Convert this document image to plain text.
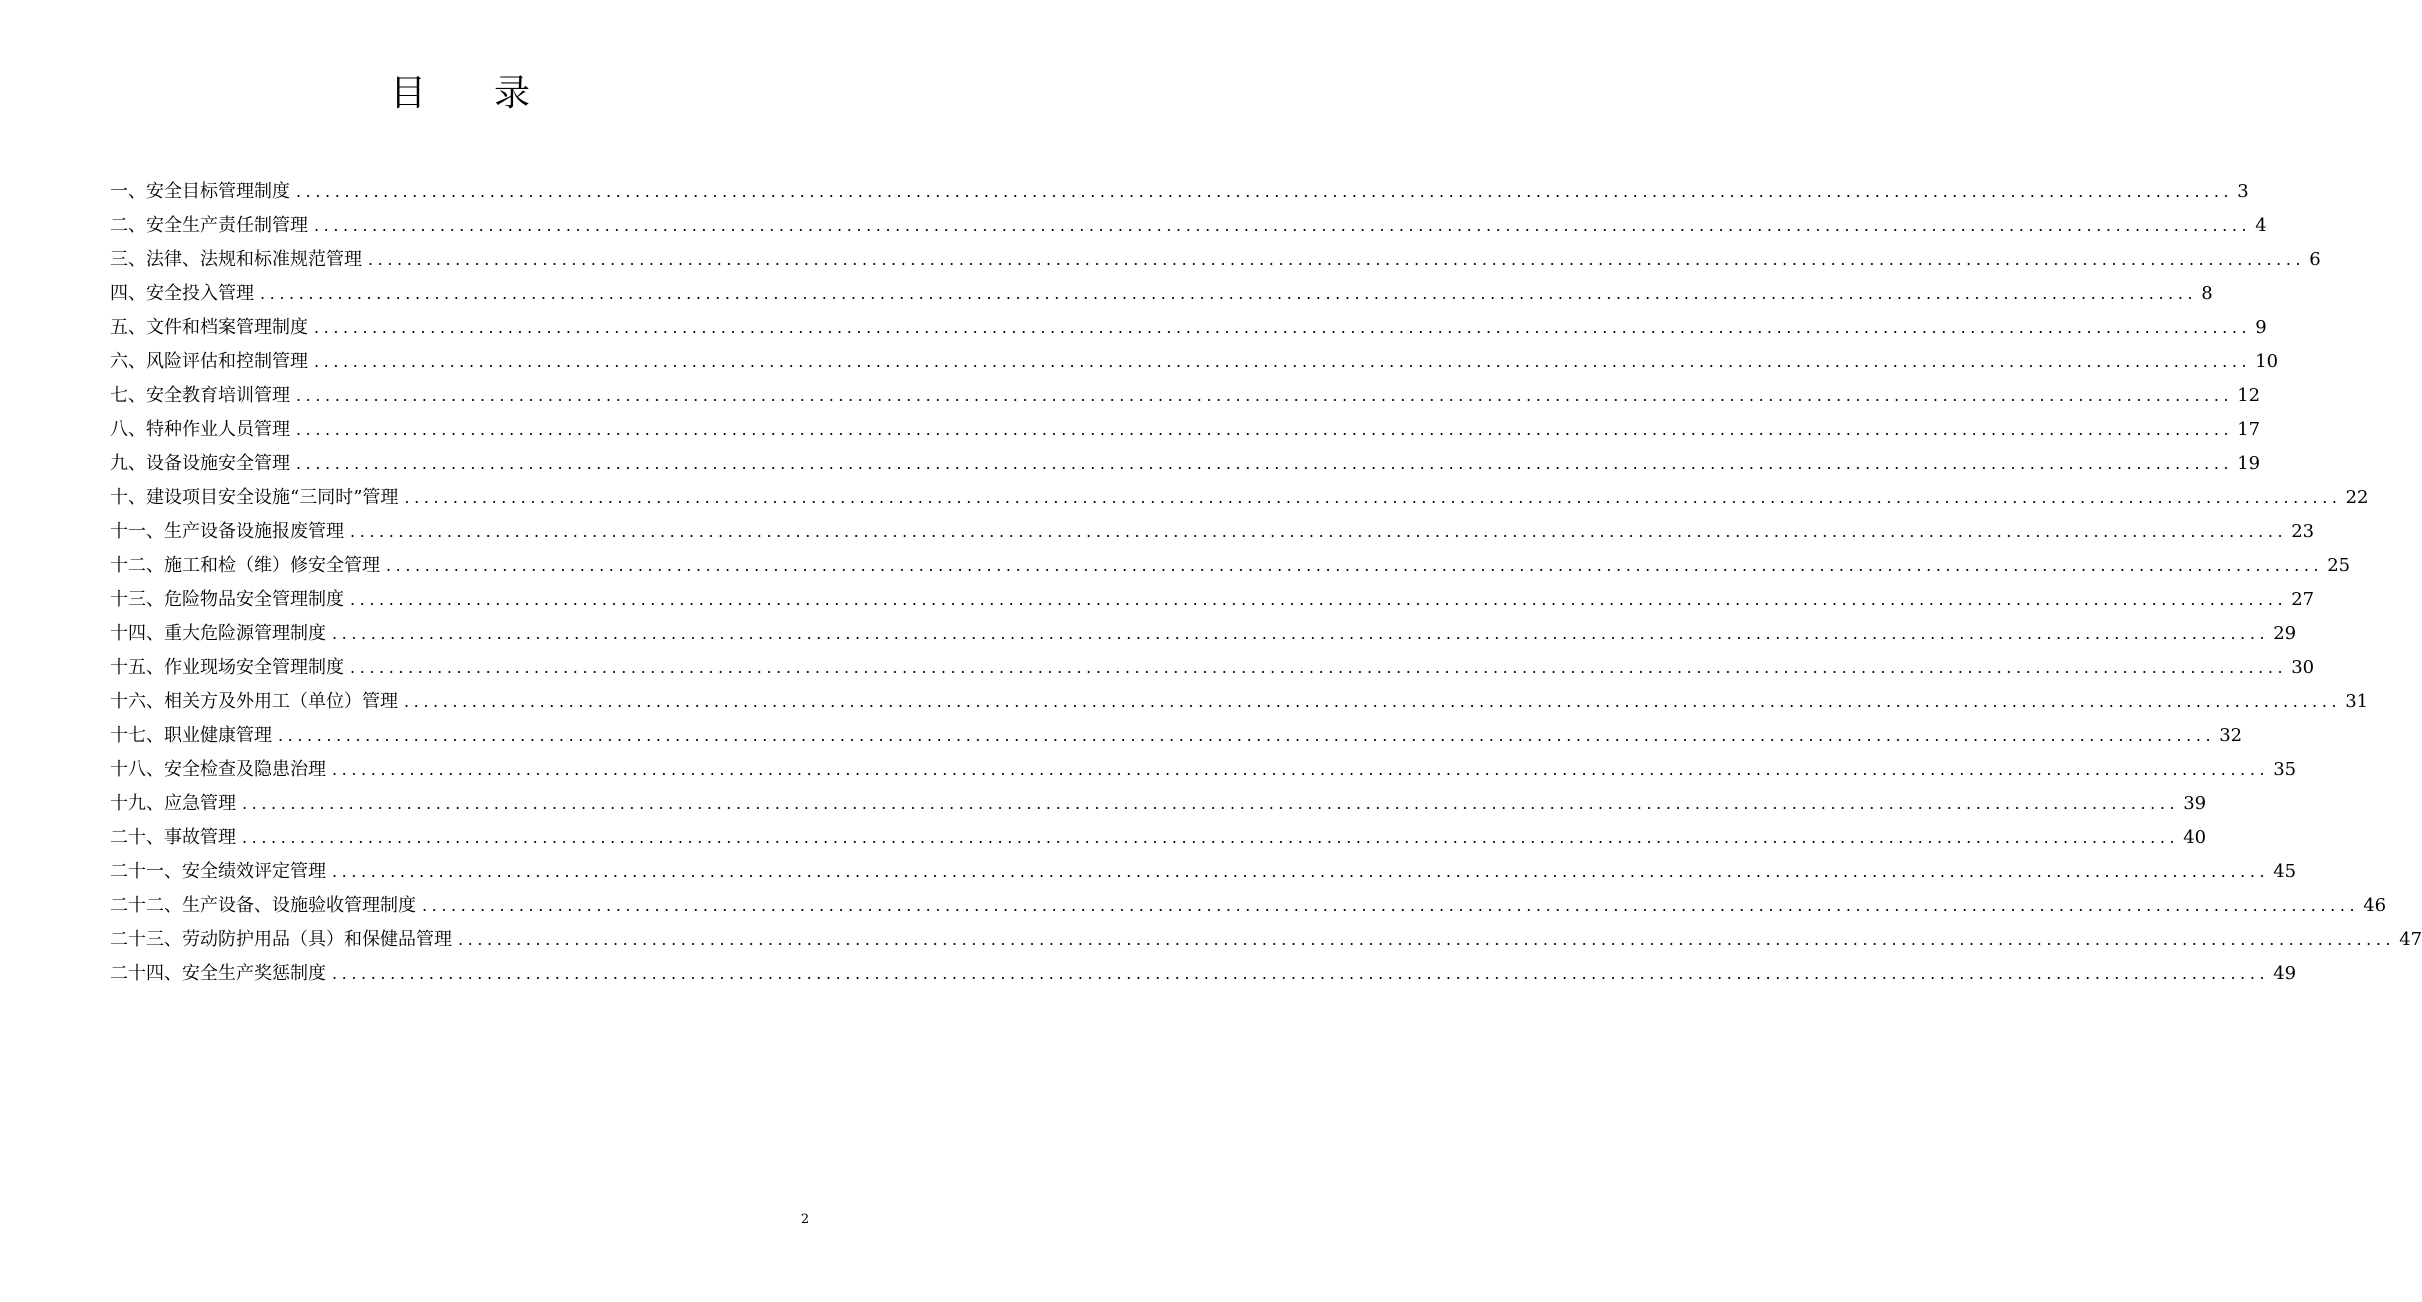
目录
一、安全目标管理制度 ........................................................................................................................................................................................................ 3
二、安全生产责任制管理 ........................................................................................................................................................................................................ 4
三、法律、法规和标准规范管理 ........................................................................................................................................................................................................ 6
四、安全投入管理 ........................................................................................................................................................................................................ 8
五、文件和档案管理制度 ........................................................................................................................................................................................................ 9
六、风险评估和控制管理 ........................................................................................................................................................................................................ 10
七、安全教育培训管理 ........................................................................................................................................................................................................ 12
八、特种作业人员管理 ........................................................................................................................................................................................................ 17
九、设备设施安全管理 ........................................................................................................................................................................................................ 19
十、建设项目安全设施“三同时”管理 ........................................................................................................................................................................................................ 22
十一、生产设备设施报废管理 ........................................................................................................................................................................................................ 23
十二、施工和检（维）修安全管理 ........................................................................................................................................................................................................ 25
十三、危险物品安全管理制度 ........................................................................................................................................................................................................ 27
十四、重大危险源管理制度 ........................................................................................................................................................................................................ 29
十五、作业现场安全管理制度 ........................................................................................................................................................................................................ 30
十六、相关方及外用工（单位）管理 ........................................................................................................................................................................................................ 31
十七、职业健康管理 ........................................................................................................................................................................................................ 32
十八、安全检查及隐患治理 ........................................................................................................................................................................................................ 35
十九、应急管理 ........................................................................................................................................................................................................ 39
二十、事故管理 ........................................................................................................................................................................................................ 40
二十一、安全绩效评定管理 ........................................................................................................................................................................................................ 45
二十二、生产设备、设施验收管理制度 ........................................................................................................................................................................................................ 46
二十三、劳动防护用品（具）和保健品管理 ........................................................................................................................................................................................................ 47
二十四、安全生产奖惩制度 ........................................................................................................................................................................................................ 49
2
